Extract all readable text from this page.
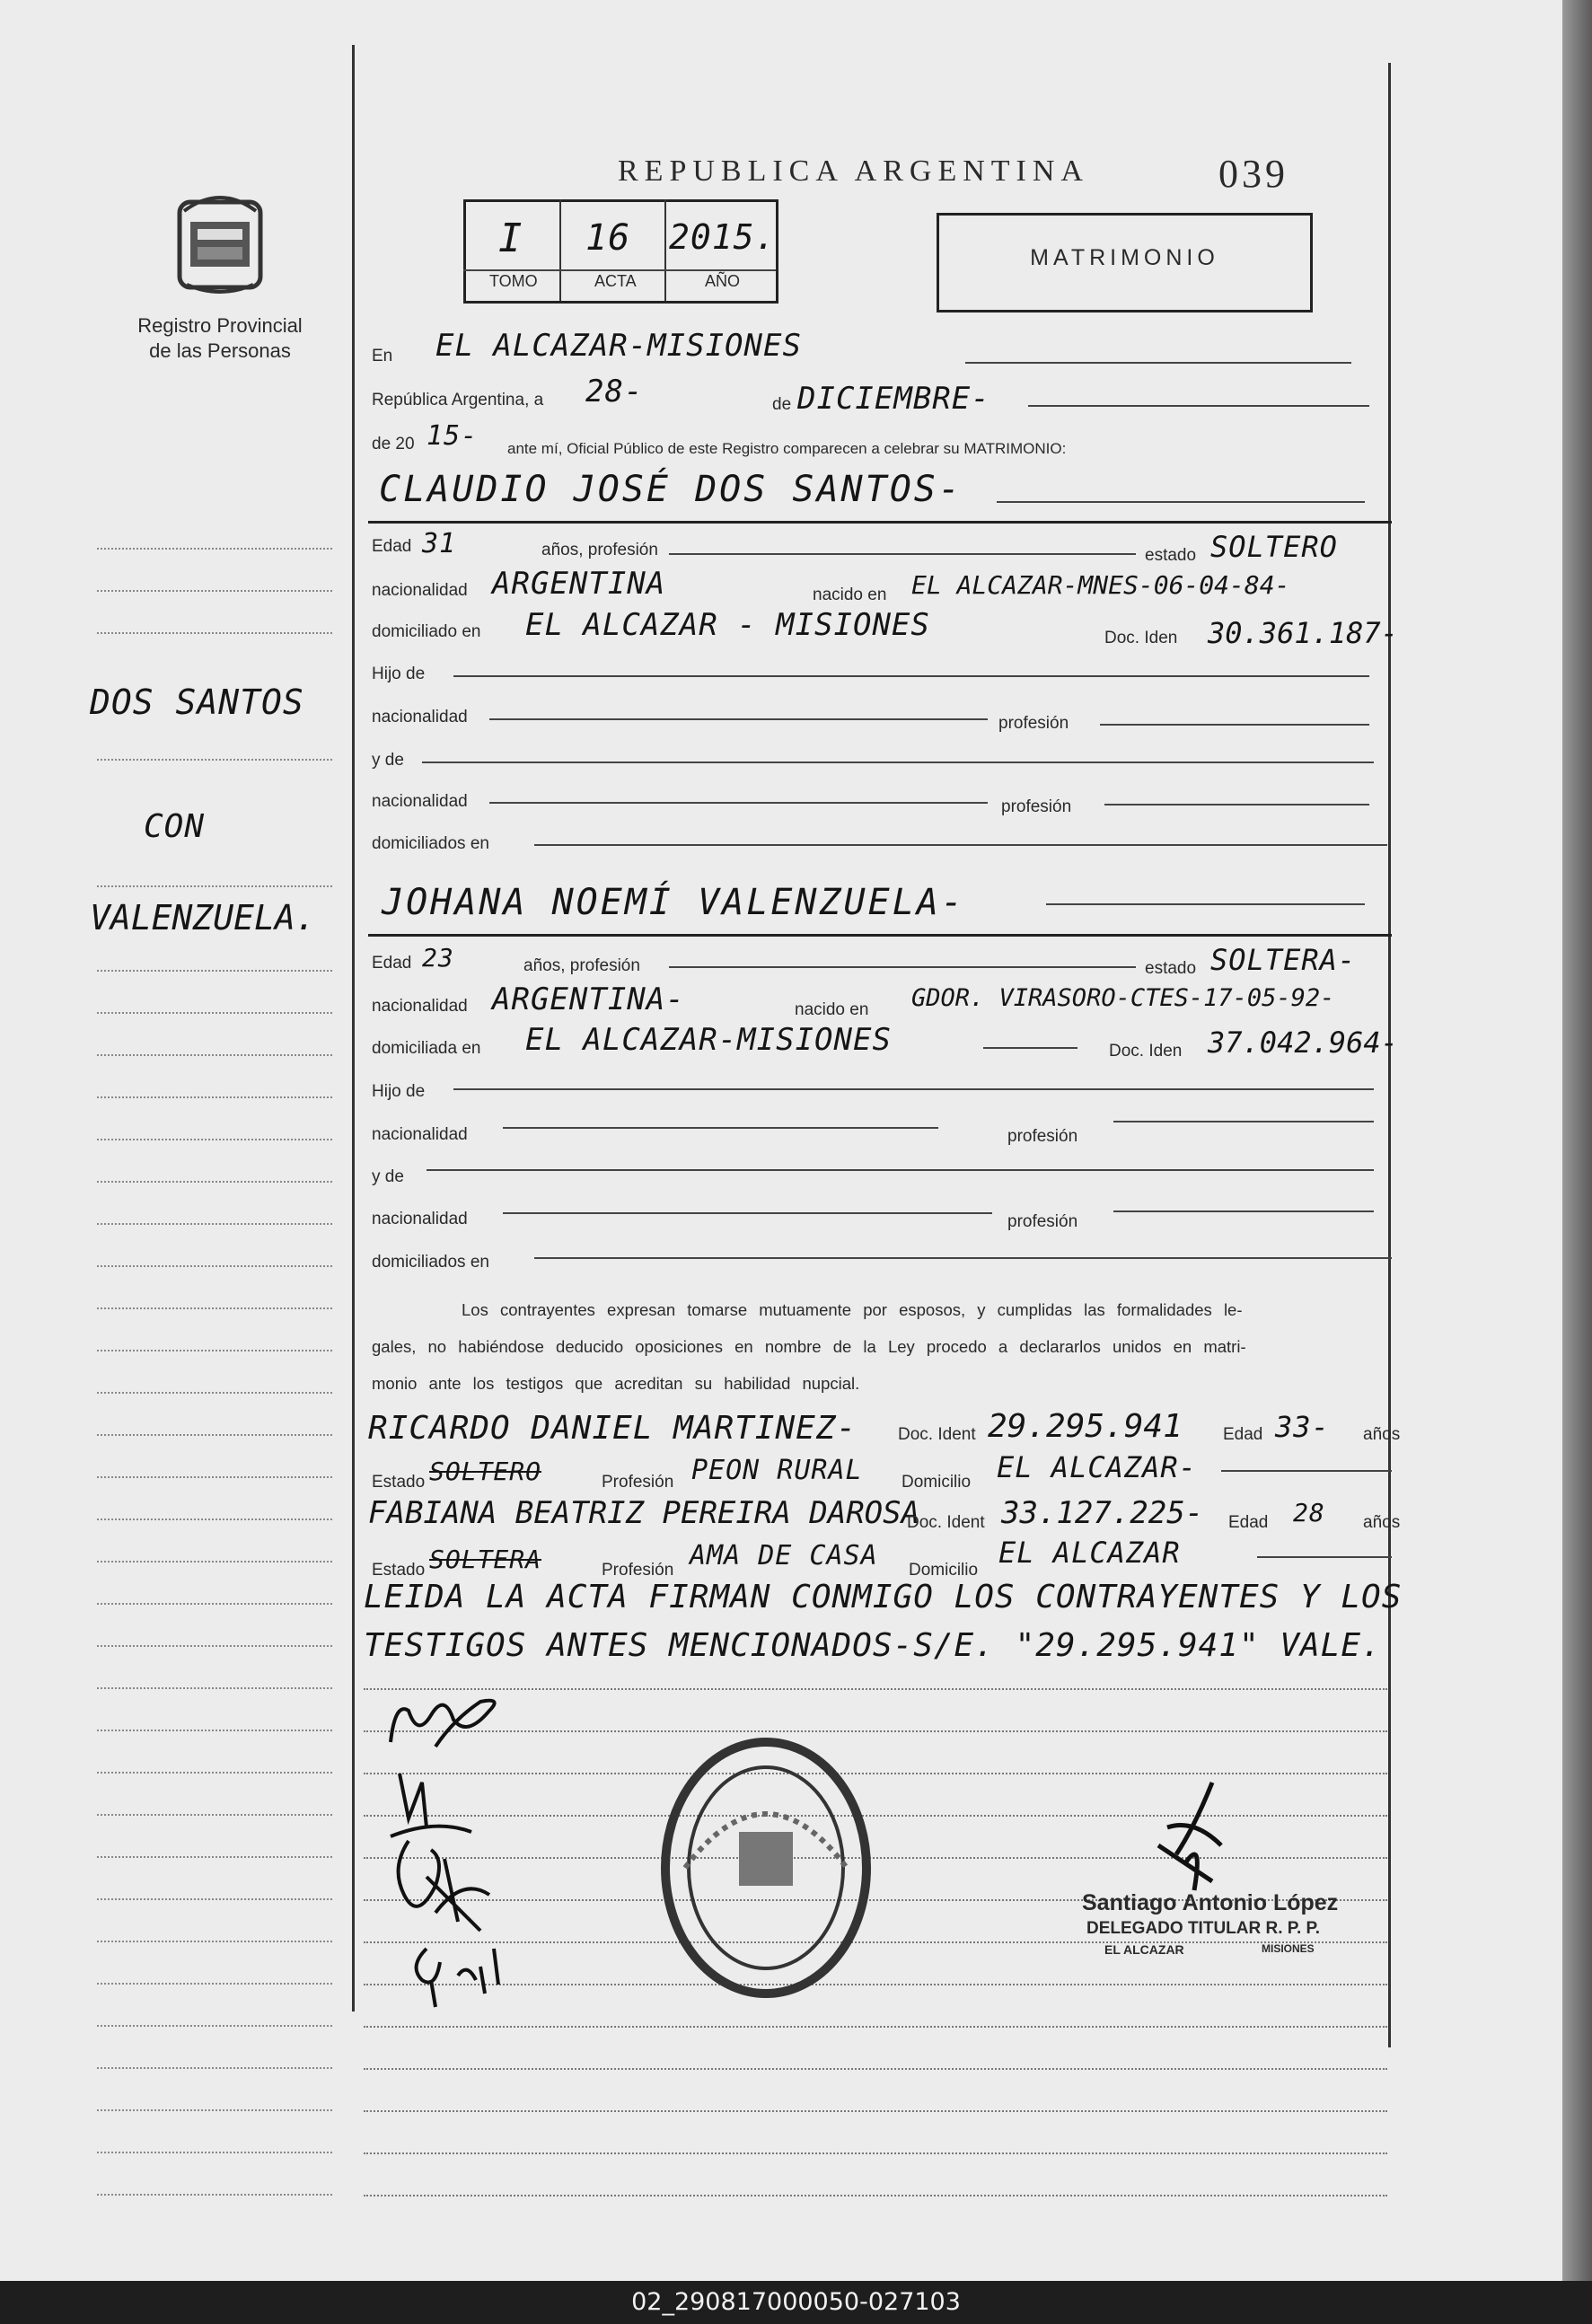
Registro Provincial
de las Personas
REPUBLICA ARGENTINA	039
I 16 2015.
TOMO	ACTA	AÑO
MATRIMONIO
En EL ALCAZAR-MISIONES
República Argentina, a 28-	de DICIEMBRE-
de 20 15- ante mí, Oficial Público de este Registro comparecen a celebrar su MATRIMONIO:
CLAUDIO JOSÉ DOS SANTOS-
Edad 31	años, profesión	estado SOLTERO
nacionalidad ARGENTINA	nacido en EL ALCAZAR-MNES-06-04-84-
domiciliado en EL ALCAZAR - MISIONES	Doc. Iden 30.361.187-
Hijo de
nacionalidad	profesión
y de
nacionalidad	profesión
domiciliados en
JOHANA NOEMÍ VALENZUELA-
Edad 23	años, profesión	estado SOLTERA-
nacionalidad ARGENTINA-	nacido en GDOR. VIRASORO-CTES-17-05-92-
domiciliada en EL ALCAZAR-MISIONES	Doc. Iden 37.042.964-
Hijo de
nacionalidad	profesión
y de
nacionalidad	profesión
domiciliados en
Los contrayentes expresan tomarse mutuamente por esposos, y cumplidas las formalidades le-
gales, no habiéndose deducido oposiciones en nombre de la Ley procedo a declararlos unidos en matri-
monio ante los testigos que acreditan su habilidad nupcial.
RICARDO DANIEL MARTINEZ- Doc. Ident 29.295.941 Edad 33- años
Estado SOLTERO	Profesión PEON RURAL Domicilio EL ALCAZAR-
FABIANA BEATRIZ PEREIRA DAROSA
Doc. Ident 33.127.225- Edad 28 años
Estado SOLTERA	Profesión AMA DE CASA Domicilio
EL ALCAZAR
LEIDA LA ACTA FIRMAN CONMIGO LOS CONTRAYENTES Y LOS
TESTIGOS ANTES MENCIONADOS-S/E. "29.295.941" VALE.
DOS SANTOS
CON
VALENZUELA.
Santiago Antonio López
DELEGADO TITULAR R. P. P.
EL ALCAZAR	MISIONES
02_290817000050-027103
